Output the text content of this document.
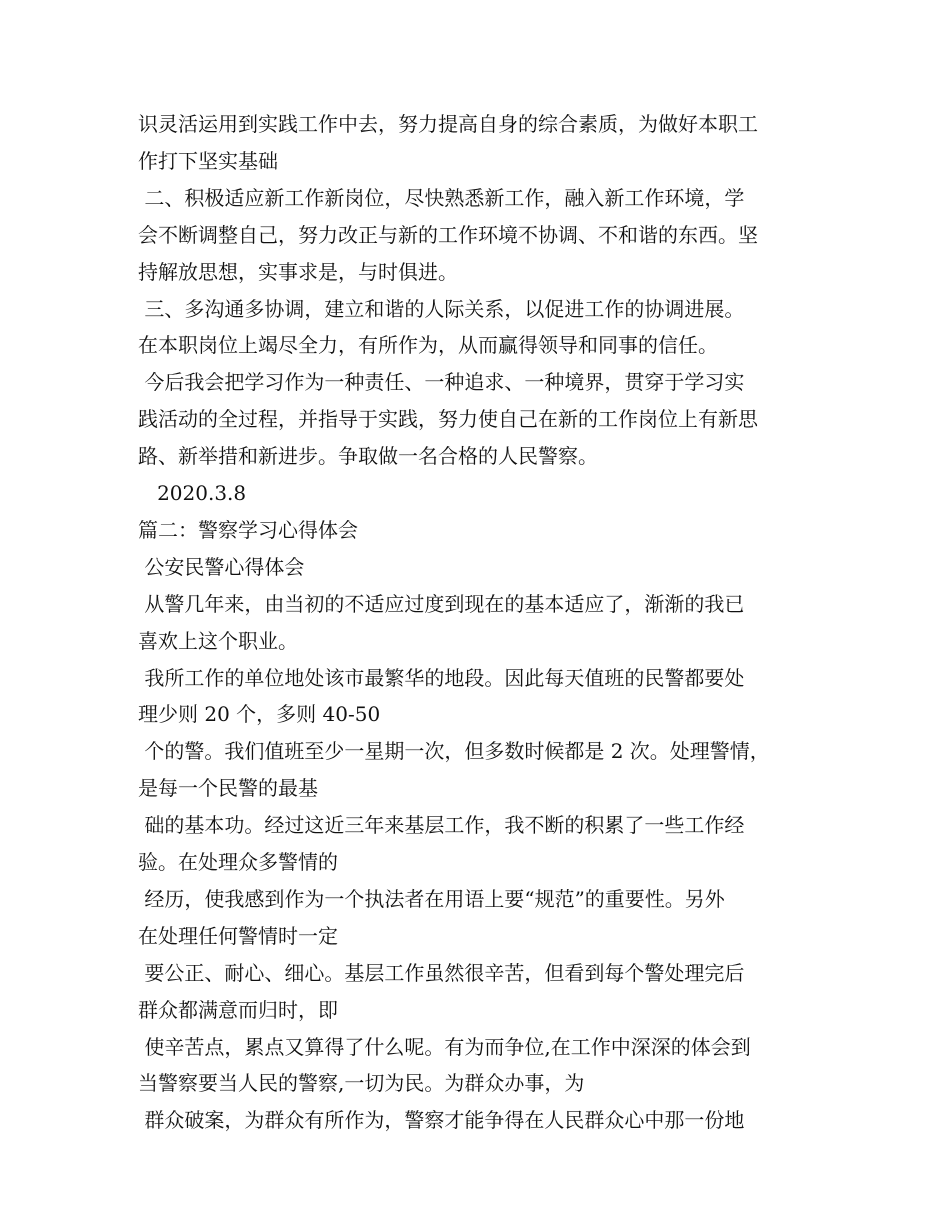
识灵活运用到实践工作中去，努力提高自身的综合素质，为做好本职工
作打下坚实基础
二、积极适应新工作新岗位，尽快熟悉新工作，融入新工作环境，学
会不断调整自己，努力改正与新的工作环境不协调、不和谐的东西。坚
持解放思想，实事求是，与时俱进。
三、多沟通多协调，建立和谐的人际关系，以促进工作的协调进展。
在本职岗位上竭尽全力，有所作为，从而赢得领导和同事的信任。
今后我会把学习作为一种责任、一种追求、一种境界，贯穿于学习实
践活动的全过程，并指导于实践，努力使自己在新的工作岗位上有新思
路、新举措和新进步。争取做一名合格的人民警察。
2020.3.8
篇二：警察学习心得体会
公安民警心得体会
从警几年来，由当初的不适应过度到现在的基本适应了，渐渐的我已
喜欢上这个职业。
我所工作的单位地处该市最繁华的地段。因此每天值班的民警都要处
理少则 20 个，多则 40-50
个的警。我们值班至少一星期一次，但多数时候都是 2 次。处理警情，
是每一个民警的最基
础的基本功。经过这近三年来基层工作，我不断的积累了一些工作经
验。在处理众多警情的
经历，使我感到作为一个执法者在用语上要“规范”的重要性。另外
在处理任何警情时一定
要公正、耐心、细心。基层工作虽然很辛苦，但看到每个警处理完后
群众都满意而归时，即
使辛苦点，累点又算得了什么呢。有为而争位,在工作中深深的体会到
当警察要当人民的警察,一切为民。为群众办事，为
群众破案，为群众有所作为，警察才能争得在人民群众心中那一份地
